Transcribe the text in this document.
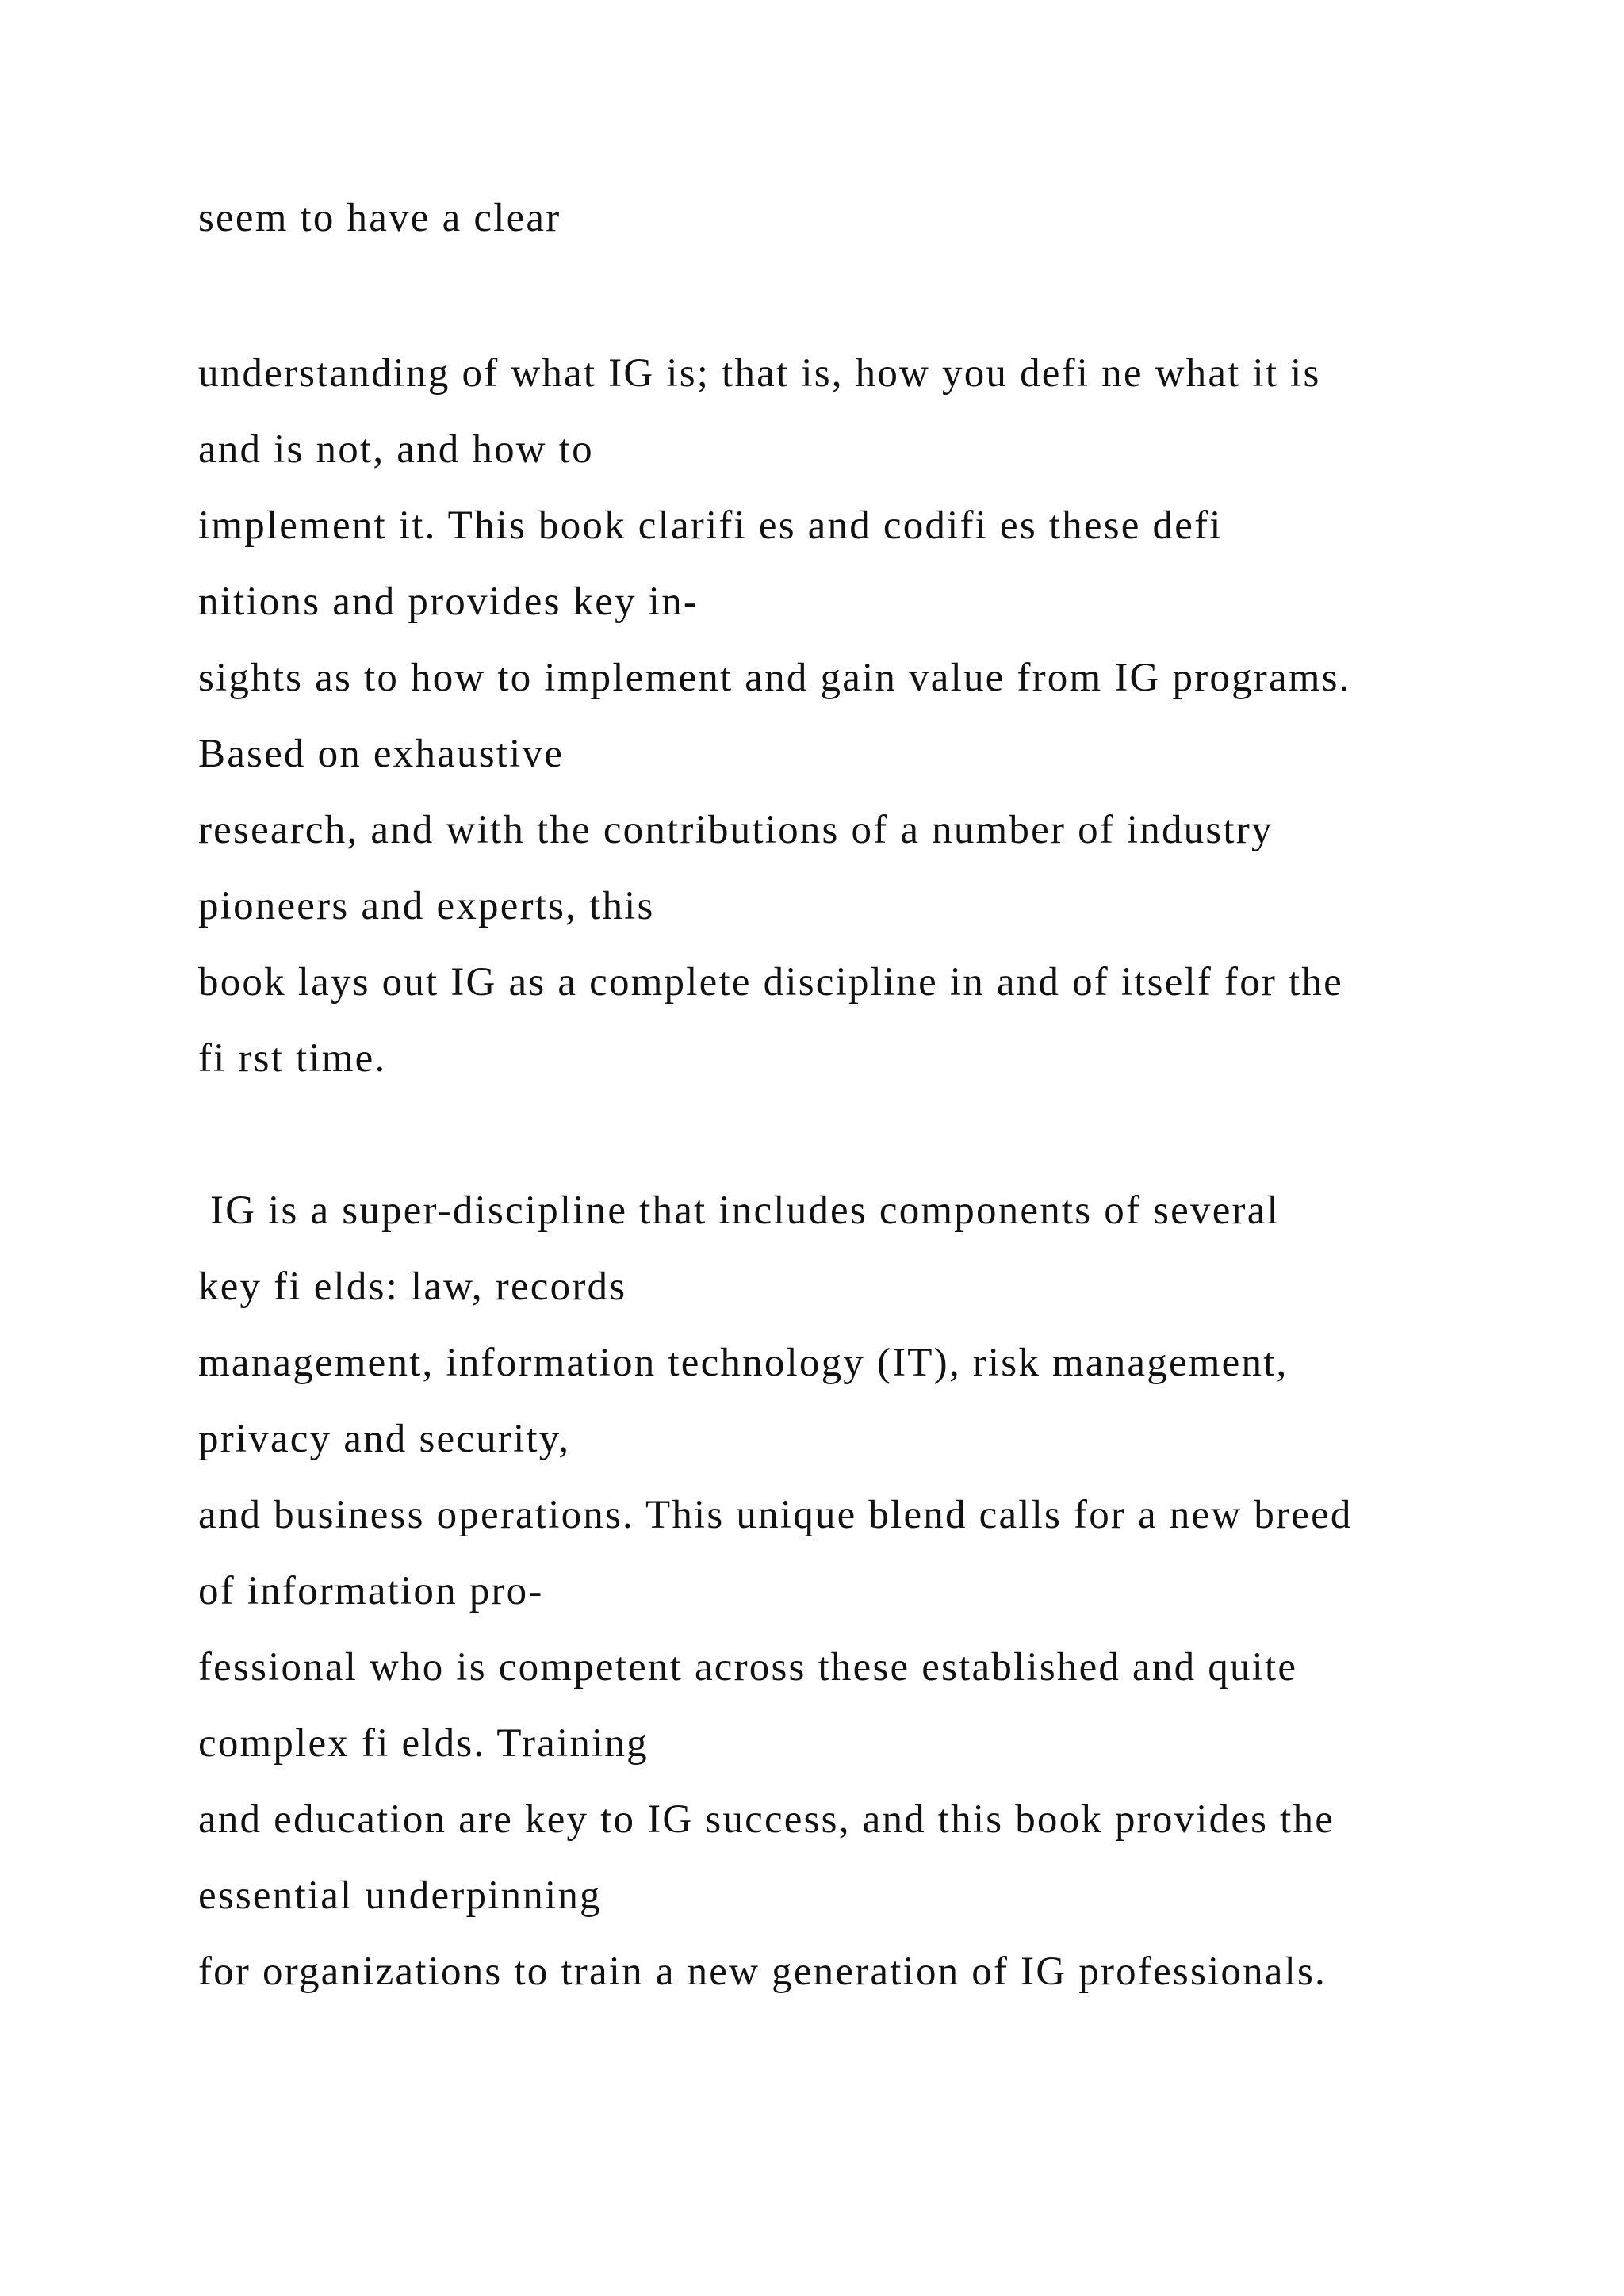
seem to have a clear

understanding of what IG is; that is, how you defi ne what it is

and is not, and how to

implement it. This book clarifi es and codifi es these defi

nitions and provides key in-

sights as to how to implement and gain value from IG programs.

Based on exhaustive

research, and with the contributions of a number of industry

pioneers and experts, this

book lays out IG as a complete discipline in and of itself for the

fi rst time.

IG is a super-discipline that includes components of several

key fi elds: law, records

management, information technology (IT), risk management,

privacy and security,

and business operations. This unique blend calls for a new breed

of information pro-

fessional who is competent across these established and quite

complex fi elds. Training

and education are key to IG success, and this book provides the

essential underpinning

for organizations to train a new generation of IG professionals.
